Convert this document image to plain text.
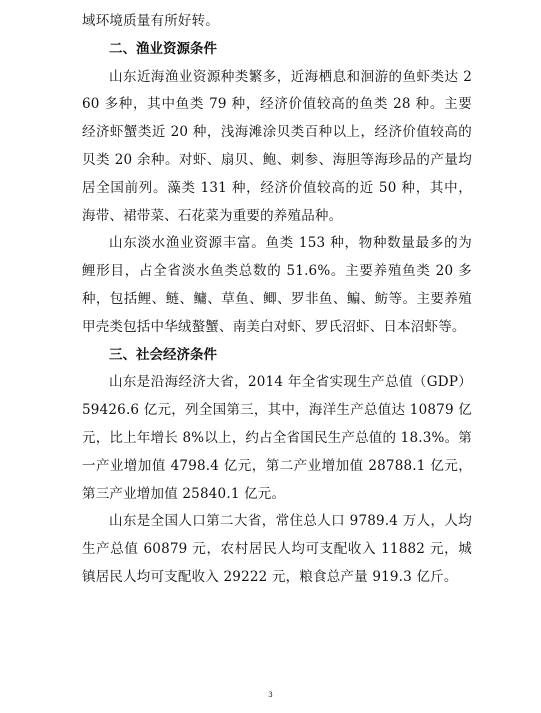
域环境质量有所好转。

二、渔业资源条件

山东近海渔业资源种类繁多，近海栖息和洄游的鱼虾类达 260 多种，其中鱼类 79 种，经济价值较高的鱼类 28 种。主要经济虾蟹类近 20 种，浅海滩涂贝类百种以上，经济价值较高的贝类 20 余种。对虾、扇贝、鲍、刺参、海胆等海珍品的产量均居全国前列。藻类 131 种，经济价值较高的近 50 种，其中，海带、裙带菜、石花菜为重要的养殖品种。

山东淡水渔业资源丰富。鱼类 153 种，物种数量最多的为鲤形目，占全省淡水鱼类总数的 51.6%。主要养殖鱼类 20 多种，包括鲤、鲢、鳙、草鱼、鲫、罗非鱼、鳊、鲂等。主要养殖甲壳类包括中华绒螯蟹、南美白对虾、罗氏沼虾、日本沼虾等。

三、社会经济条件

山东是沿海经济大省，2014 年全省实现生产总值（GDP）59426.6 亿元，列全国第三，其中，海洋生产总值达 10879 亿元，比上年增长 8%以上，约占全省国民生产总值的 18.3%。第一产业增加值 4798.4 亿元，第二产业增加值 28788.1 亿元，第三产业增加值 25840.1 亿元。

山东是全国人口第二大省，常住总人口 9789.4 万人，人均生产总值 60879 元，农村居民人均可支配收入 11882 元，城镇居民人均可支配收入 29222 元，粮食总产量 919.3 亿斤。

3
